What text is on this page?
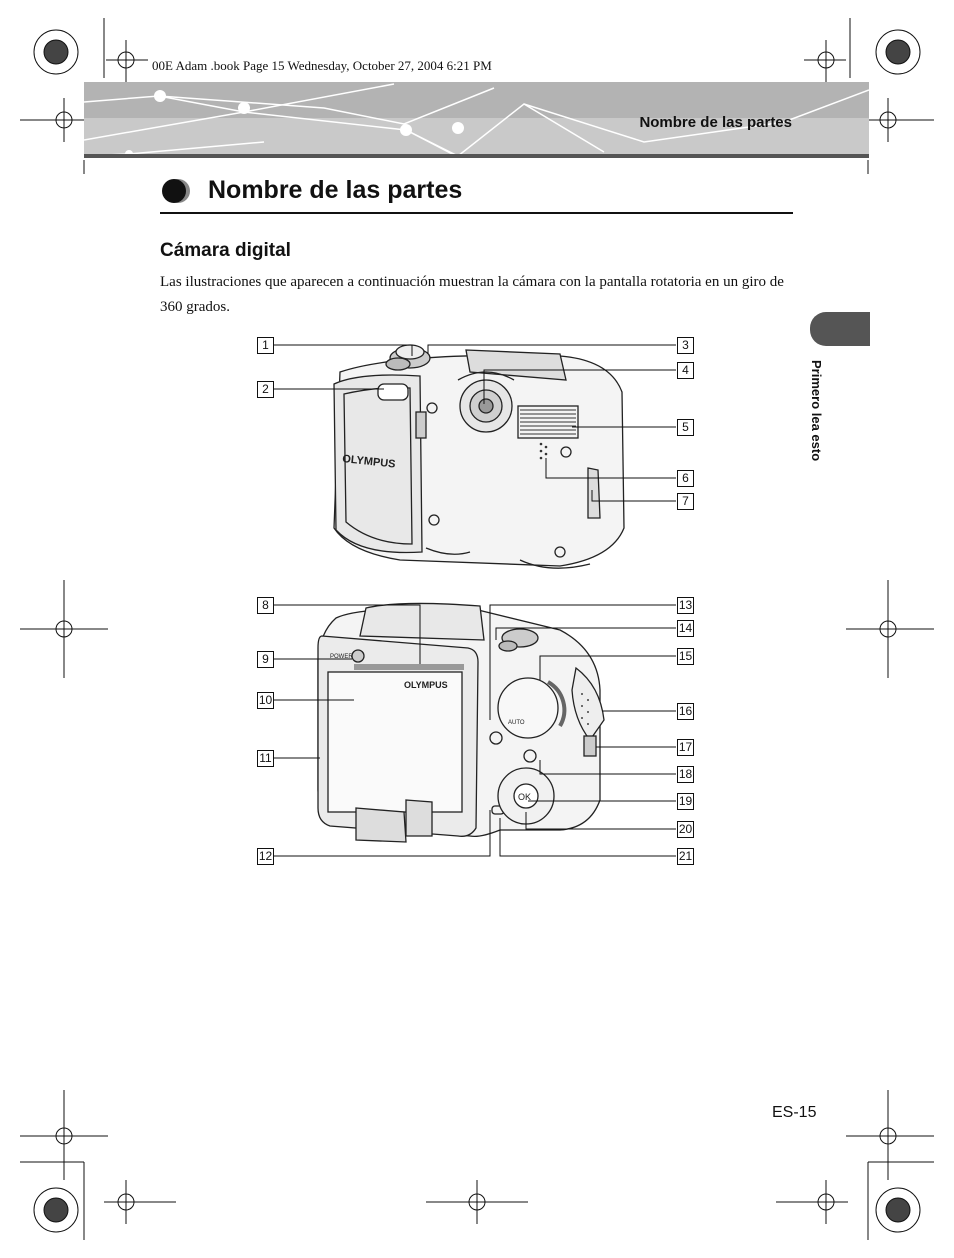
00E Adam .book Page 15 Wednesday, October 27, 2004 6:21 PM
Nombre de las partes
Nombre de las partes
Cámara digital
Las ilustraciones que aparecen a continuación muestran la cámara con la pantalla rotatoria en un giro de 360 grados.
Primero lea esto
OLYMPUS
OLYMPUS
POWER
OK
AUTO
1
2
3
4
5
6
7
8
9
10
11
12
13
14
15
16
17
18
19
20
21
ES-15
